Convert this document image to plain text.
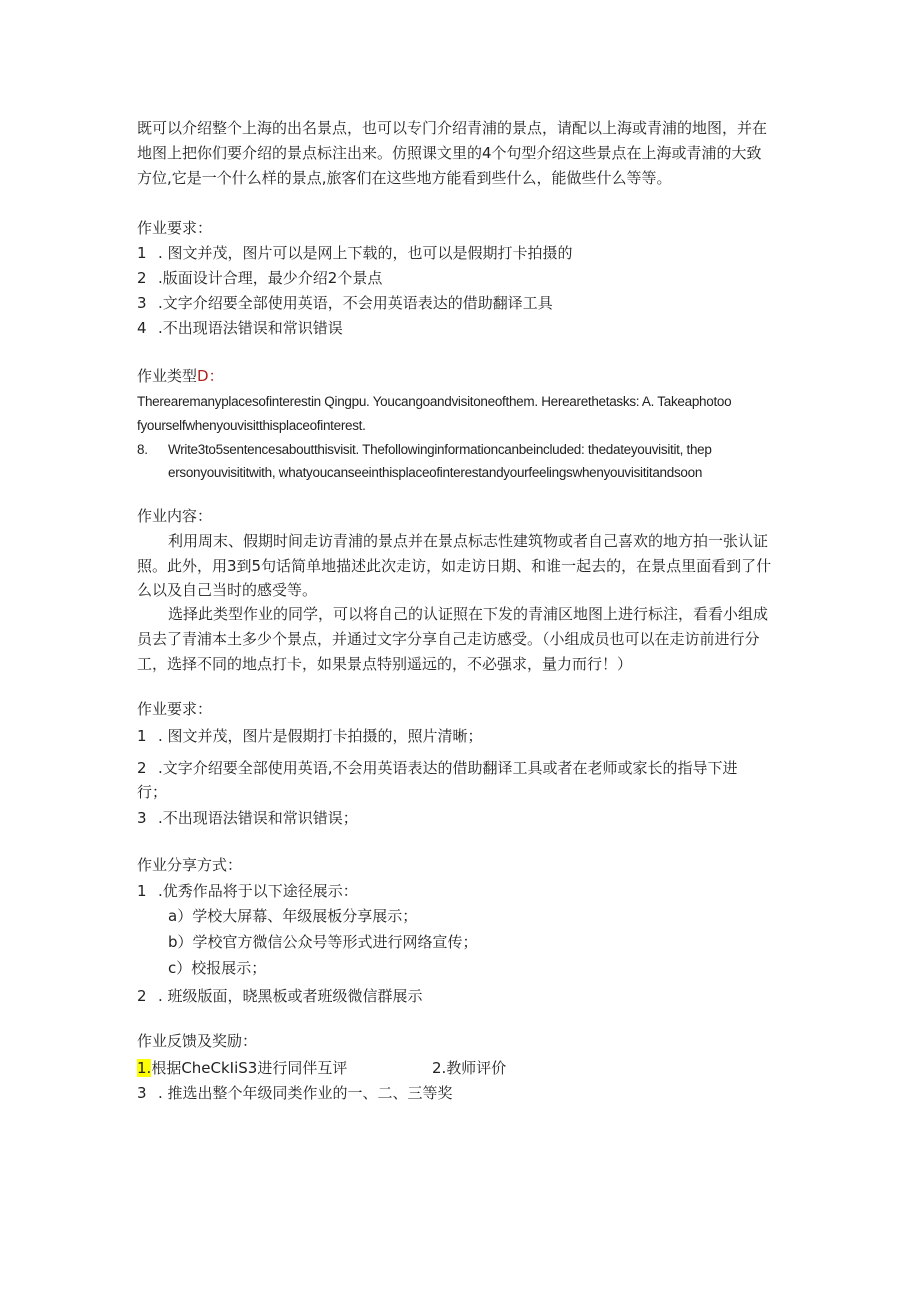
既可以介绍整个上海的出名景点，也可以专门介绍青浦的景点，请配以上海或青浦的地图，并在
地图上把你们要介绍的景点标注出来。仿照课文里的4个句型介绍这些景点在上海或青浦的大致
方位,它是一个什么样的景点,旅客们在这些地方能看到些什么，能做些什么等等。
作业要求：
1 . 图文并茂，图片可以是网上下载的，也可以是假期打卡拍摄的
2 .版面设计合理，最少介绍2个景点
3 .文字介绍要全部使用英语，不会用英语表达的借助翻译工具
4 .不出现语法错误和常识错误
作业类型D：
Therearemanyplacesofinterestin Qingpu. Youcangoandvisitoneofthem. Herearethetasks: A. Takeaphotoo
fyourselfwhenyouvisitthisplaceofinterest.
8. Write3to5sentencesaboutthisvisit. Thefollowinginformationcanbeincluded: thedateyouvisitit, thep
ersonyouvisititwith, whatyoucanseeinthisplaceofinterestandyourfeelingswhenyouvisititandsoon
作业内容：
利用周末、假期时间走访青浦的景点并在景点标志性建筑物或者自己喜欢的地方拍一张认证
照。此外，用3到5句话简单地描述此次走访，如走访日期、和谁一起去的，在景点里面看到了什
么以及自己当时的感受等。
选择此类型作业的同学，可以将自己的认证照在下发的青浦区地图上进行标注，看看小组成
员去了青浦本土多少个景点，并通过文字分享自己走访感受。（小组成员也可以在走访前进行分
工，选择不同的地点打卡，如果景点特别遥远的，不必强求，量力而行！）
作业要求：
1 . 图文并茂，图片是假期打卡拍摄的，照片清晰；
2 .文字介绍要全部使用英语,不会用英语表达的借助翻译工具或者在老师或家长的指导下进
行；
3 .不出现语法错误和常识错误；
作业分享方式：
1 .优秀作品将于以下途径展示：
a）学校大屏幕、年级展板分享展示；
b）学校官方微信公众号等形式进行网络宣传；
c）校报展示；
2 . 班级版面，晓黑板或者班级微信群展示
作业反馈及奖励：
1.根据CheCkIiS3进行同伴互评	2.教师评价
3 . 推选出整个年级同类作业的一、二、三等奖
